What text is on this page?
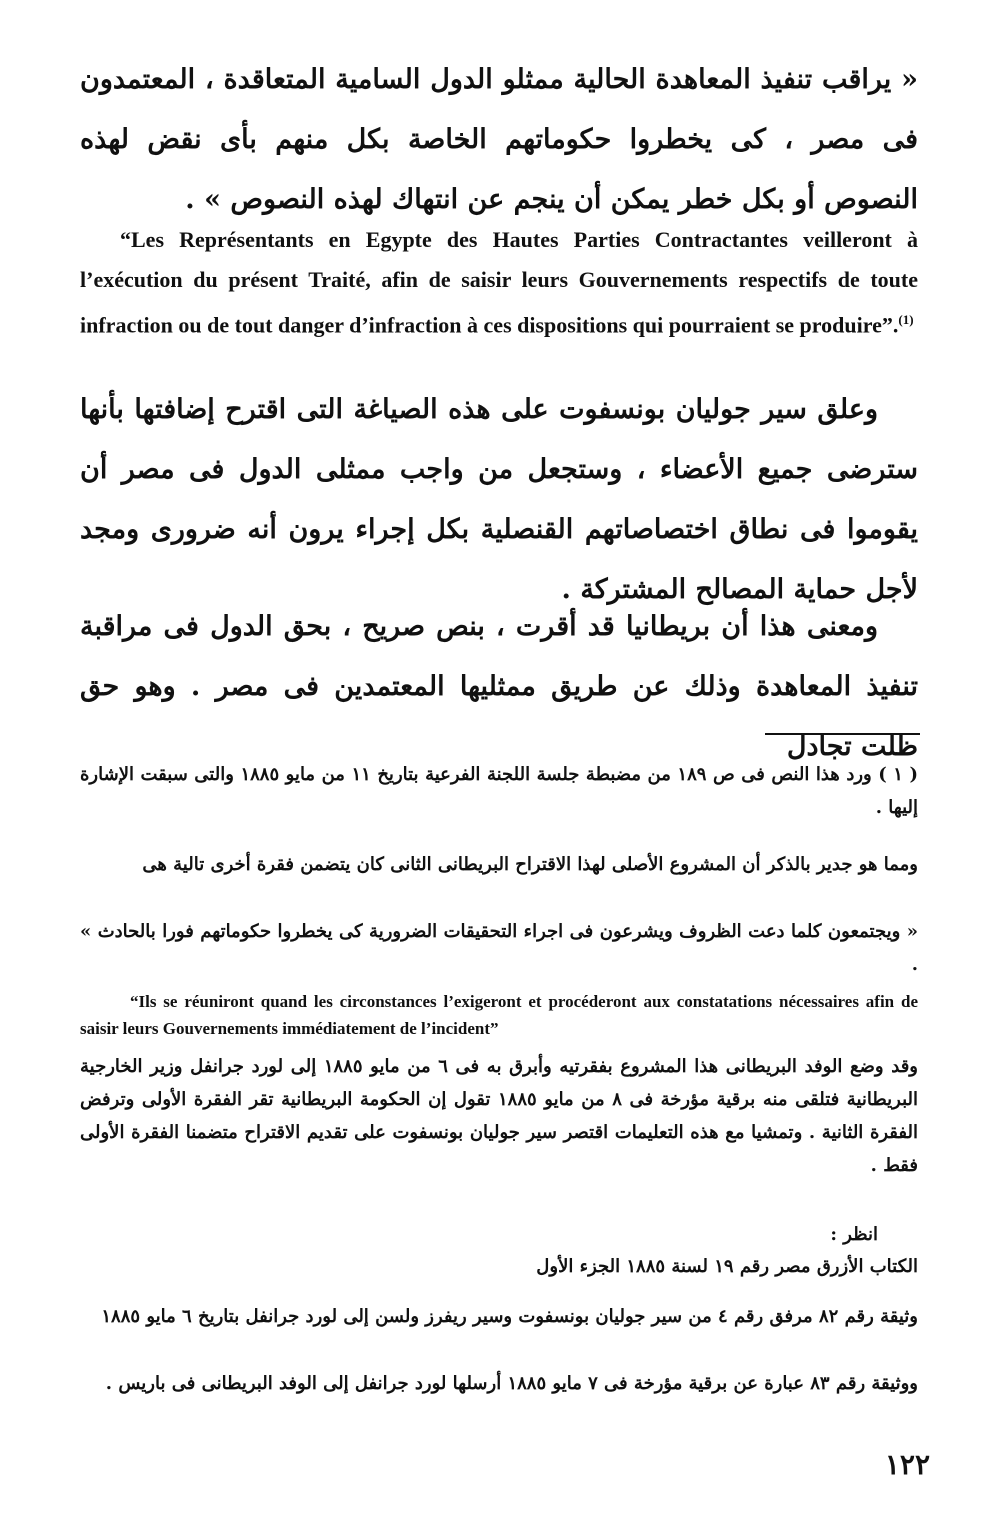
« يراقب تنفيذ المعاهدة الحالية ممثلو الدول السامية المتعاقدة ، المعتمدون فى مصر ، كى يخطروا حكوماتهم الخاصة بكل منهم بأى نقض لهذه النصوص أو بكل خطر يمكن أن ينجم عن انتهاك لهذه النصوص » .
“Les Représentants en Egypte des Hautes Parties Contractantes veilleront à l’exécution du présent Traité, afin de saisir leurs Gouvernements respectifs de toute infraction ou de tout danger d’infraction à ces dispositions qui pourraient se produire”.$^{(1)}$
وعلق سير جوليان بونسفوت على هذه الصياغة التى اقترح إضافتها بأنها سترضى جميع الأعضاء ، وستجعل من واجب ممثلى الدول فى مصر أن يقوموا فى نطاق اختصاصاتهم القنصلية بكل إجراء يرون أنه ضرورى ومجد لأجل حماية المصالح المشتركة .
ومعنى هذا أن بريطانيا قد أقرت ، بنص صريح ، بحق الدول فى مراقبة تنفيذ المعاهدة وذلك عن طريق ممثليها المعتمدين فى مصر . وهو حق ظلت تجادل
( ١ ) ورد هذا النص فى ص ١٨٩ من مضبطة جلسة اللجنة الفرعية بتاريخ ١١ من مايو ١٨٨٥ والتى سبقت الإشارة إليها .
ومما هو جدير بالذكر أن المشروع الأصلى لهذا الاقتراح البريطانى الثانى كان يتضمن فقرة أخرى تالية هى
« ويجتمعون كلما دعت الظروف ويشرعون فى اجراء التحقيقات الضرورية كى يخطروا حكوماتهم فورا بالحادث » .
“Ils se réuniront quand les circonstances l’exigeront et procéderont aux constatations nécessaires afin de saisir leurs Gouvernements immédiatement de l’incident”
وقد وضع الوفد البريطانى هذا المشروع بفقرتيه وأبرق به فى ٦ من مايو ١٨٨٥ إلى لورد جرانفل وزير الخارجية البريطانية فتلقى منه برقية مؤرخة فى ٨ من مايو ١٨٨٥ تقول إن الحكومة البريطانية تقر الفقرة الأولى وترفض الفقرة الثانية . وتمشيا مع هذه التعليمات اقتصر سير جوليان بونسفوت على تقديم الاقتراح متضمنا الفقرة الأولى فقط .
انظر :
الكتاب الأزرق مصر رقم ١٩ لسنة ١٨٨٥ الجزء الأول
وثيقة رقم ٨٢ مرفق رقم ٤ من سير جوليان بونسفوت وسير ريفرز ولسن إلى لورد جرانفل بتاريخ ٦ مايو ١٨٨٥
ووثيقة رقم ٨٣ عبارة عن برقية مؤرخة فى ٧ مايو ١٨٨٥ أرسلها لورد جرانفل إلى الوفد البريطانى فى باريس .
١٢٢
